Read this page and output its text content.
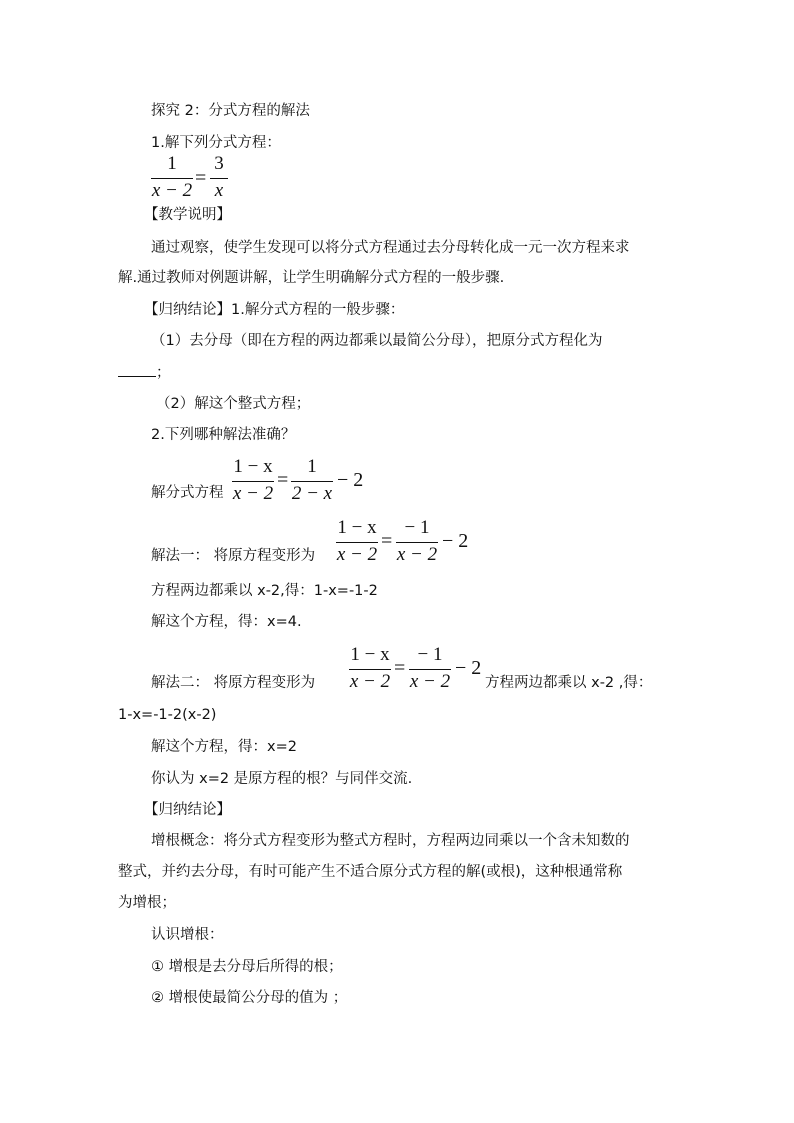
探究 2：分式方程的解法
1.解下列分式方程：
1
x − 2
=
3
x
【教学说明】
通过观察，使学生发现可以将分式方程通过去分母转化成一元一次方程来求
解.通过教师对例题讲解，让学生明确解分式方程的一般步骤.
【归纳结论】1.解分式方程的一般步骤：
（1）去分母（即在方程的两边都乘以最简公分母），把原分式方程化为
；
（2）解这个整式方程；
2.下列哪种解法准确？
解分式方程
1 − x
x − 2
=
1
2 − x
− 2
解法一： 将原方程变形为
1 − x
x − 2
=
− 1
x − 2
− 2
方程两边都乘以 x-2,得：1-x=-1-2
解这个方程，得：x=4.
解法二： 将原方程变形为
1 − x
x − 2
=
− 1
x − 2
− 2
方程两边都乘以 x-2 ,得：
1-x=-1-2(x-2)
解这个方程，得：x=2
你认为 x=2 是原方程的根？与同伴交流.
【归纳结论】
增根概念：将分式方程变形为整式方程时，方程两边同乘以一个含未知数的
整式，并约去分母，有时可能产生不适合原分式方程的解(或根)，这种根通常称
为增根；
认识增根：
① 增根是去分母后所得的根；
② 增根使最简公分母的值为 ；
